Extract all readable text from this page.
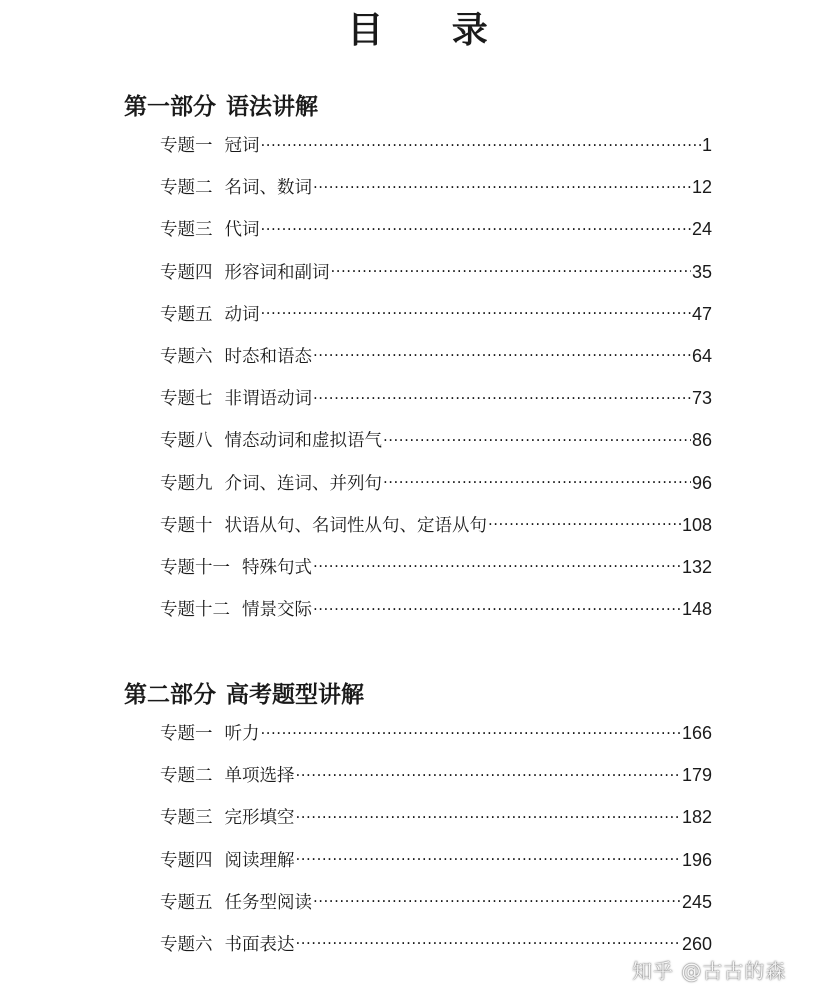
目 录
第一部分 语法讲解
专题一 冠词 .....	1
专题二 名词、数词 .....	12
专题三 代词 .....	24
专题四 形容词和副词 .....	35
专题五 动词 .....	47
专题六 时态和语态 .....	64
专题七 非谓语动词 .....	73
专题八 情态动词和虚拟语气 .....	86
专题九 介词、连词、并列句 .....	96
专题十 状语从句、名词性从句、定语从句 .....	108
专题十一 特殊句式 .....	132
专题十二 情景交际 .....	148
第二部分 高考题型讲解
专题一 听力 .....	166
专题二 单项选择 .....	179
专题三 完形填空 .....	182
专题四 阅读理解 .....	196
专题五 任务型阅读 .....	245
专题六 书面表达 .....	260
知乎 @古古的森
